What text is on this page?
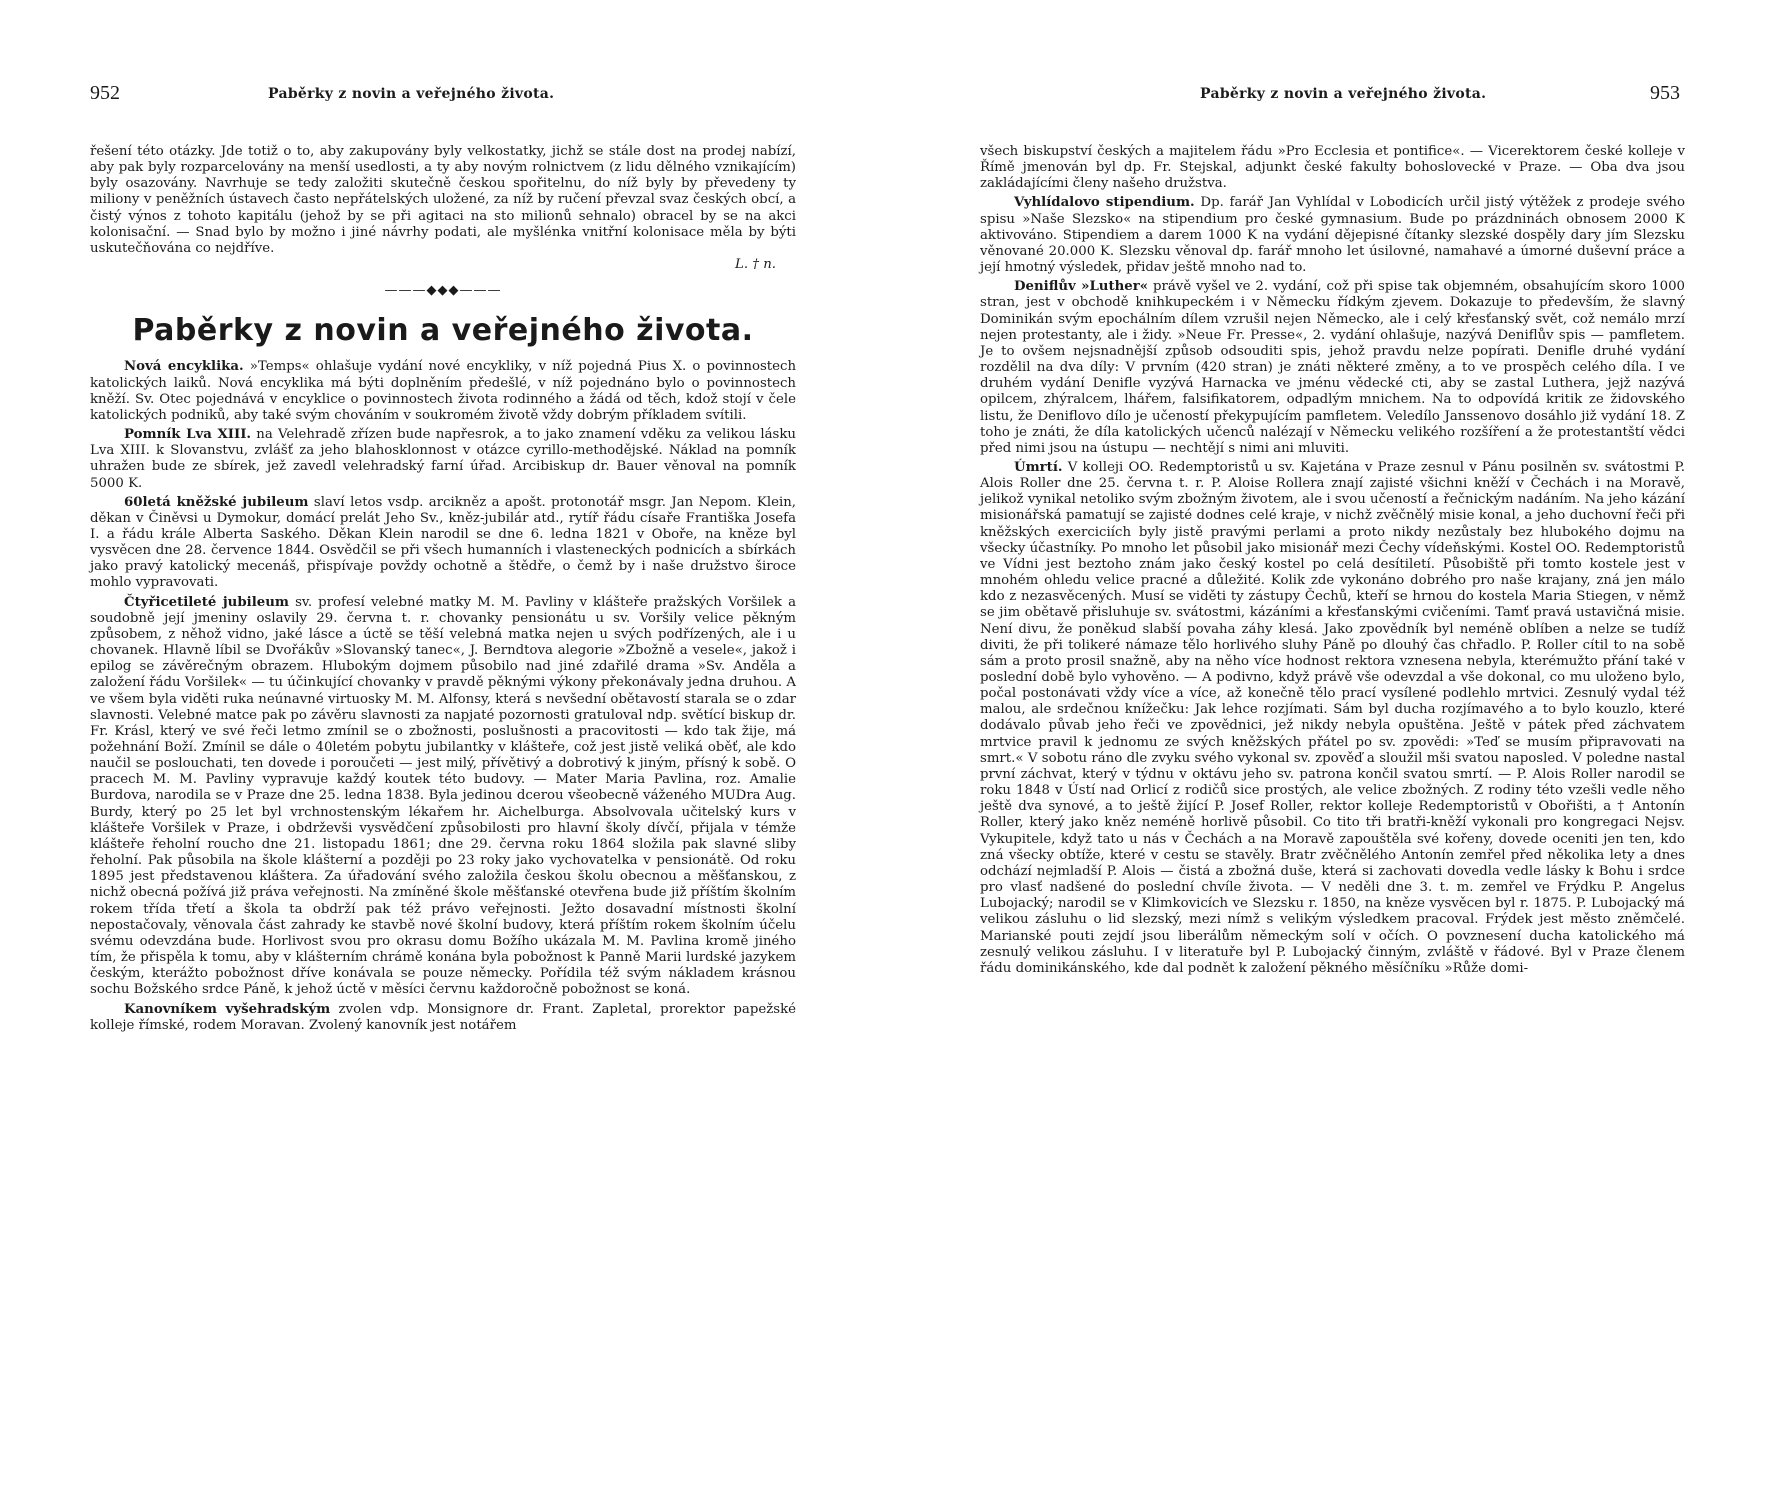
952	Paběrky z novin a veřejného života.

řešení této otázky. Jde totiž o to, aby zakupovány byly velkostatky, jichž se stále dost na prodej nabízí, aby pak byly rozparcelovány na menší usedlosti, a ty aby novým rolnictvem (z lidu dělného vznikajícím) byly osazovány. Navrhuje se tedy založiti skutečně českou spořitelnu, do níž byly by převedeny ty miliony v peněžních ústavech často nepřátelských uložené, za níž by ručení převzal svaz českých obcí, a čistý výnos z tohoto kapitálu (jehož by se při agitaci na sto milionů sehnalo) obracel by se na akci kolonisační. — Snad bylo by možno i jiné návrhy podati, ale myšlénka vnitřní kolonisace měla by býti uskutečňována co nejdříve.

L. † n.

———◆◆◆———
Paběrky z novin a veřejného života.

Nová encyklika. »Temps« ohlašuje vydání nové encykliky, v níž pojedná Pius X. o povinnostech katolických laiků. Nová encyklika má býti doplněním předešlé, v níž pojednáno bylo o povinnostech kněží. Sv. Otec pojednává v encyklice o povinnostech života rodinného a žádá od těch, kdož stojí v čele katolických podniků, aby také svým chováním v soukromém životě vždy dobrým příkladem svítili.

Pomník Lva XIII. na Velehradě zřízen bude napřesrok, a to jako znamení vděku za velikou lásku Lva XIII. k Slovanstvu, zvlášť za jeho blahosklonnost v otázce cyrillo-methodějské. Náklad na pomník uhražen bude ze sbírek, jež zavedl velehradský farní úřad. Arcibiskup dr. Bauer věnoval na pomník 5000 K.

60letá kněžské jubileum slaví letos vsdp. arcikněz a apošt. protonotář msgr. Jan Nepom. Klein, děkan v Činěvsi u Dymokur, domácí prelát Jeho Sv., kněz-jubilár atd., rytíř řádu císaře Františka Josefa I. a řádu krále Alberta Saského. Děkan Klein narodil se dne 6. ledna 1821 v Oboře, na kněze byl vysvěcen dne 28. července 1844. Osvědčil se při všech humanních i vlasteneckých podnicích a sbírkách jako pravý katolický mecenáš, přispívaje povždy ochotně a štědře, o čemž by i naše družstvo široce mohlo vypravovati.

Čtyřicetileté jubileum sv. profesí velebné matky M. M. Pavliny v klášteře pražských Voršilek a soudobně její jmeniny oslavily 29. června t. r. chovanky pensionátu u sv. Voršily velice pěkným způsobem, z něhož vidno, jaké lásce a úctě se těší velebná matka nejen u svých podřízených, ale i u chovanek. Hlavně líbil se Dvořákův »Slovanský tanec«, J. Berndtova alegorie »Zbožně a vesele«, jakož i epilog se závěrečným obrazem. Hlubokým dojmem působilo nad jiné zdařilé drama »Sv. Anděla a založení řádu Voršilek« — tu účinkující chovanky v pravdě pěknými výkony překonávaly jedna druhou. A ve všem byla viděti ruka neúnavné virtuosky M. M. Alfonsy, která s nevšední obětavostí starala se o zdar slavnosti. Velebné matce pak po závěru slavnosti za napjaté pozornosti gratuloval ndp. světící biskup dr. Fr. Krásl, který ve své řeči letmo zmínil se o zbožnosti, poslušnosti a pracovitosti — kdo tak žije, má požehnání Boží. Zmínil se dále o 40letém pobytu jubilantky v klášteře, což jest jistě veliká oběť, ale kdo naučil se poslouchati, ten dovede i poroučeti — jest milý, přívětivý a dobrotivý k jiným, přísný k sobě. O pracech M. M. Pavliny vypravuje každý koutek této budovy. — Mater Maria Pavlina, roz. Amalie Burdova, narodila se v Praze dne 25. ledna 1838. Byla jedinou dcerou všeobecně váženého MUDra Aug. Burdy, který po 25 let byl vrchnostenským lékařem hr. Aichelburga. Absolvovala učitelský kurs v klášteře Voršilek v Praze, i obdrževši vysvědčení způsobilosti pro hlavní školy dívčí, přijala v témže klášteře řeholní roucho dne 21. listopadu 1861; dne 29. června roku 1864 složila pak slavné sliby řeholní. Pak působila na škole klášterní a později po 23 roky jako vychovatelka v pensionátě. Od roku 1895 jest představenou kláštera. Za úřadování svého založila českou školu obecnou a měšťanskou, z nichž obecná požívá již práva veřejnosti. Na zmíněné škole měšťanské otevřena bude již příštím školním rokem třída třetí a škola ta obdrží pak též právo veřejnosti. Ježto dosavadní místnosti školní nepostačovaly, věnovala část zahrady ke stavbě nové školní budovy, která příštím rokem školním účelu svému odevzdána bude. Horlivost svou pro okrasu domu Božího ukázala M. M. Pavlina kromě jiného tím, že přispěla k tomu, aby v klášterním chrámě konána byla pobožnost k Panně Marii lurdské jazykem českým, kterážto pobožnost dříve konávala se pouze německy. Pořídila též svým nákladem krásnou sochu Božského srdce Páně, k jehož úctě v měsíci červnu každoročně pobožnost se koná.

Kanovníkem vyšehradským zvolen vdp. Monsignore dr. Frant. Zapletal, prorektor papežské kolleje římské, rodem Moravan. Zvolený kanovník jest notářem

Paběrky z novin a veřejného života.	953

všech biskupství českých a majitelem řádu »Pro Ecclesia et pontifice«. — Vicerektorem české kolleje v Římě jmenován byl dp. Fr. Stejskal, adjunkt české fakulty bohoslovecké v Praze. — Oba dva jsou zakládajícími členy našeho družstva.

Vyhlídalovo stipendium. Dp. farář Jan Vyhlídal v Lobodicích určil jistý výtěžek z prodeje svého spisu »Naše Slezsko« na stipendium pro české gymnasium. Bude po prázdninách obnosem 2000 K aktivováno. Stipendiem a darem 1000 K na vydání dějepisné čítanky slezské dospěly dary jím Slezsku věnované 20.000 K. Slezsku věnoval dp. farář mnoho let úsilovné, namahavé a úmorné duševní práce a její hmotný výsledek, přidav ještě mnoho nad to.

Deniflův »Luther« právě vyšel ve 2. vydání, což při spise tak objemném, obsahujícím skoro 1000 stran, jest v obchodě knihkupeckém i v Německu řídkým zjevem. Dokazuje to především, že slavný Dominikán svým epochálním dílem vzrušil nejen Německo, ale i celý křesťanský svět, což nemálo mrzí nejen protestanty, ale i židy. »Neue Fr. Presse«, 2. vydání ohlašuje, nazývá Deniflův spis — pamfletem. Je to ovšem nejsnadnější způsob odsouditi spis, jehož pravdu nelze popírati. Denifle druhé vydání rozdělil na dva díly: V prvním (420 stran) je znáti některé změny, a to ve prospěch celého díla. I ve druhém vydání Denifle vyzývá Harnacka ve jménu vědecké cti, aby se zastal Luthera, jejž nazývá opilcem, zhýralcem, lhářem, falsifikatorem, odpadlým mnichem. Na to odpovídá kritik ze židovského listu, že Deniflovo dílo je učeností překypujícím pamfletem. Veledílo Janssenovo dosáhlo již vydání 18. Z toho je znáti, že díla katolických učenců nalézají v Německu velikého rozšíření a že protestantští vědci před nimi jsou na ústupu — nechtějí s nimi ani mluviti.

Úmrtí. V kolleji OO. Redemptoristů u sv. Kajetána v Praze zesnul v Pánu posilněn sv. svátostmi P. Alois Roller dne 25. června t. r. P. Aloise Rollera znají zajisté všichni kněží v Čechách i na Moravě, jelikož vynikal netoliko svým zbožným životem, ale i svou učeností a řečnickým nadáním. Na jeho kázání misionářská pamatují se zajisté dodnes celé kraje, v nichž zvěčnělý misie konal, a jeho duchovní řeči při kněžských exerciciích byly jistě pravými perlami a proto nikdy nezůstaly bez hlubokého dojmu na všecky účastníky. Po mnoho let působil jako misionář mezi Čechy vídeňskými. Kostel OO. Redemptoristů ve Vídni jest beztoho znám jako český kostel po celá desítiletí. Působiště při tomto kostele jest v mnohém ohledu velice pracné a důležité. Kolik zde vykonáno dobrého pro naše krajany, zná jen málo kdo z nezasvěcených. Musí se viděti ty zástupy Čechů, kteří se hrnou do kostela Maria Stiegen, v němž se jim obětavě přisluhuje sv. svátostmi, kázáními a křesťanskými cvičeními. Tamť pravá ustavičná misie. Není divu, že poněkud slabší povaha záhy klesá. Jako zpovědník byl neméně oblíben a nelze se tudíž diviti, že při tolikeré námaze tělo horlivého sluhy Páně po dlouhý čas chřadlo. P. Roller cítil to na sobě sám a proto prosil snažně, aby na něho více hodnost rektora vznesena nebyla, kterémužto přání také v poslední době bylo vyhověno. — A podivno, když právě vše odevzdal a vše dokonal, co mu uloženo bylo, počal postonávati vždy více a více, až konečně tělo prací vysílené podlehlo mrtvici. Zesnulý vydal též malou, ale srdečnou knížečku: Jak lehce rozjímati. Sám byl ducha rozjímavého a to bylo kouzlo, které dodávalo půvab jeho řeči ve zpovědnici, jež nikdy nebyla opuštěna. Ještě v pátek před záchvatem mrtvice pravil k jednomu ze svých kněžských přátel po sv. zpovědi: »Teď se musím připravovati na smrt.« V sobotu ráno dle zvyku svého vykonal sv. zpověď a sloužil mši svatou naposled. V poledne nastal první záchvat, který v týdnu v oktávu jeho sv. patrona končil svatou smrtí. — P. Alois Roller narodil se roku 1848 v Ústí nad Orlicí z rodičů sice prostých, ale velice zbožných. Z rodiny této vzešli vedle něho ještě dva synové, a to ještě žijící P. Josef Roller, rektor kolleje Redemptoristů v Obořišti, a † Antonín Roller, který jako kněz neméně horlivě působil. Co tito tři bratři-kněží vykonali pro kongregaci Nejsv. Vykupitele, když tato u nás v Čechách a na Moravě zapouštěla své kořeny, dovede oceniti jen ten, kdo zná všecky obtíže, které v cestu se stavěly. Bratr zvěčnělého Antonín zemřel před několika lety a dnes odchází nejmladší P. Alois — čistá a zbožná duše, která si zachovati dovedla vedle lásky k Bohu i srdce pro vlasť nadšené do poslední chvíle života. — V neděli dne 3. t. m. zemřel ve Frýdku P. Angelus Lubojacký; narodil se v Klimkovicích ve Slezsku r. 1850, na kněze vysvěcen byl r. 1875. P. Lubojacký má velikou zásluhu o lid slezský, mezi nímž s velikým výsledkem pracoval. Frýdek jest město zněmčelé. Marianské pouti zejdí jsou liberálům německým solí v očích. O povznesení ducha katolického má zesnulý velikou zásluhu. I v literatuře byl P. Lubojacký činným, zvláště v řádové. Byl v Praze členem řádu dominikánského, kde dal podnět k založení pěkného měsíčníku »Růže domi-
